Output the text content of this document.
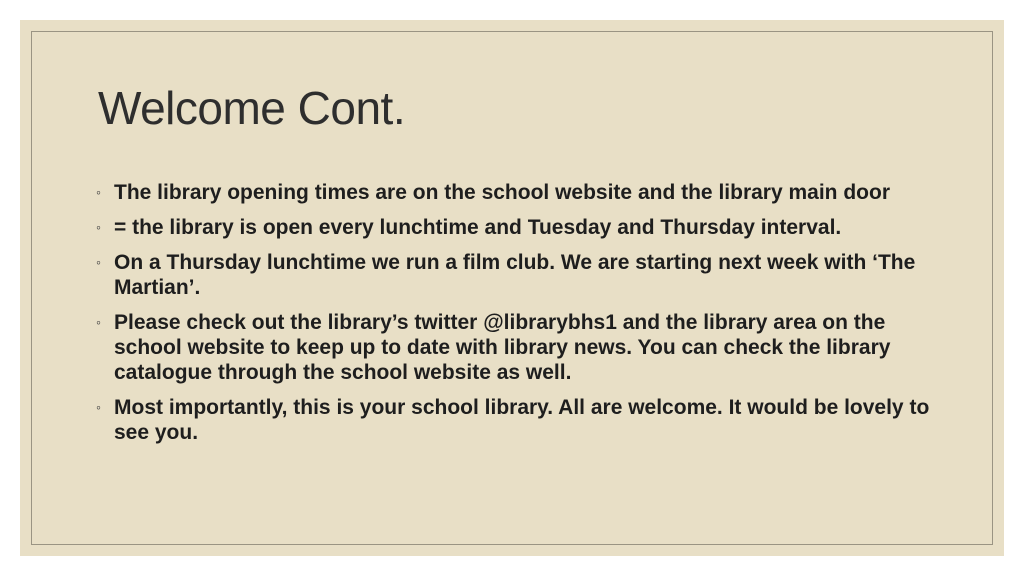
Welcome Cont.
◦ The library opening times are on the school website and the library main door
◦ = the library is open every lunchtime and Tuesday and Thursday interval.
◦ On a Thursday lunchtime we run a film club. We are starting next week with ‘The Martian’.
◦ Please check out the library’s twitter @librarybhs1 and the library area on the school website to keep up to date with library news. You can check the library catalogue through the school website as well.
◦ Most importantly, this is your school library. All are welcome. It would be lovely to see you.
